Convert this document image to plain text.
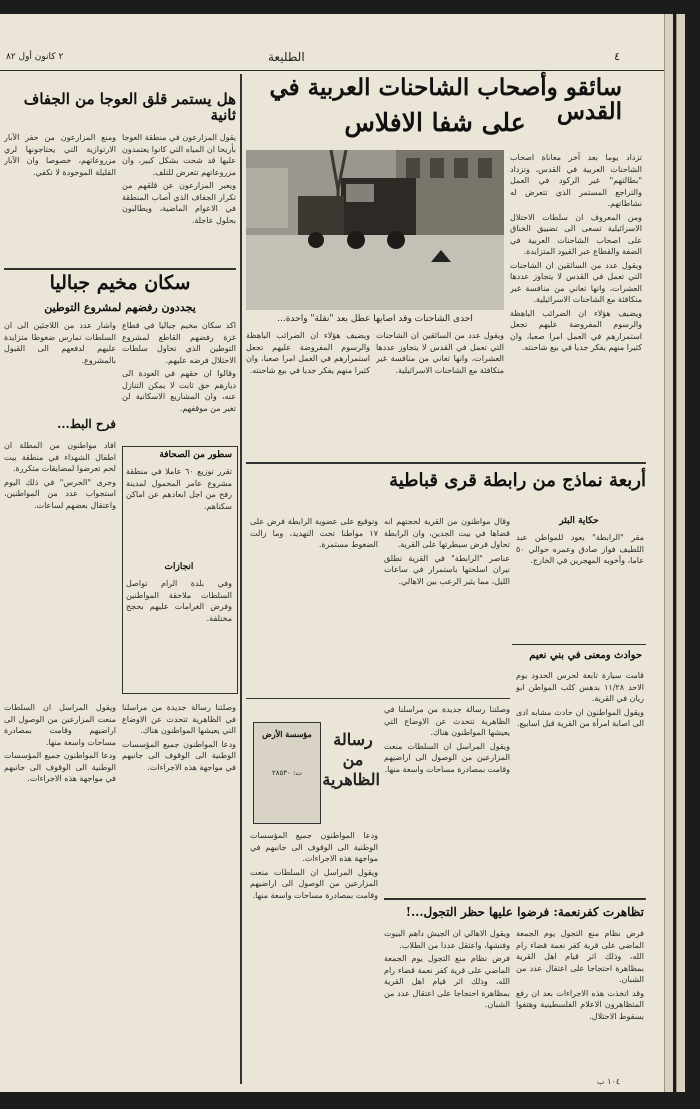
٢ كانون أول ٨٢	الطليعة	٤
سائقو وأصحاب الشاحنات العربية في القدس
على شفا الافلاس
احدى الشاحنات وقد اصابها عطل بعد "نقلة" واحدة...

تزداد يوما بعد آخر معاناة اصحاب الشاحنات العربية في القدس، وتزداد "بطالتهم" غير الركود في العمل والتراجع المستمر الذي تتعرض له نشاطاتهم.

ومن المعروف ان سلطات الاحتلال الاسرائيلية تسعى الى تضييق الخناق على اصحاب الشاحنات العربية في الضفة والقطاع عبر القيود المتزايدة.

ويقول عدد من السائقين ان الشاحنات التي تعمل في القدس لا يتجاوز عددها العشرات، وانها تعاني من منافسة غير متكافئة مع الشاحنات الاسرائيلية.

ويضيف هؤلاء ان الضرائب الباهظة والرسوم المفروضة عليهم تجعل استمرارهم في العمل امرا صعبا، وان كثيرا منهم يفكر جديا في بيع شاحنته.

ويقول عدد من السائقين ان الشاحنات التي تعمل في القدس لا يتجاوز عددها العشرات، وانها تعاني من منافسة غير متكافئة مع الشاحنات الاسرائيلية.

ويضيف هؤلاء ان الضرائب الباهظة والرسوم المفروضة عليهم تجعل استمرارهم في العمل امرا صعبا، وان كثيرا منهم يفكر جديا في بيع شاحنته.

هل يستمر قلق العوجا من الجفاف ثانية

يقول المزارعون في منطقة العوجا بأريحا ان المياه التي كانوا يعتمدون عليها قد شحت بشكل كبير، وان مزروعاتهم تتعرض للتلف.

ويعبر المزارعون عن قلقهم من تكرار الجفاف الذي أصاب المنطقة في الاعوام الماضية، ويطالبون بحلول عاجلة.

ومنع المزارعون من حفر الآبار الارتوازية التي يحتاجونها لري مزروعاتهم، خصوصا وان الآبار القليلة الموجودة لا تكفي.

سكان مخيم جباليا
يجددون رفضهم لمشروع التوطين

اكد سكان مخيم جباليا في قطاع غزة رفضهم القاطع لمشروع التوطين الذي تحاول سلطات الاحتلال فرضه عليهم.

وقالوا ان حقهم في العودة الى ديارهم حق ثابت لا يمكن التنازل عنه، وان المشاريع الاسكانية لن تغير من موقفهم.

واشار عدد من اللاجئين الى ان السلطات تمارس ضغوطا متزايدة عليهم لدفعهم الى القبول بالمشروع.

فرح البط...

افاد مواطنون من المطلة ان اطفال الشهداء في منطقة بيت لحم تعرضوا لمضايقات متكررة.

وجرى "الحرس" في ذلك اليوم استجواب عدد من المواطنين، واعتقال بعضهم لساعات.

سطور من الصحافة

تقرر توزيع ٦٠ عاملا في منطقة مشروع عامر المحمول لمدينة رفح من اجل ابعادهم عن اماكن سكناهم.

انجازات

وفي بلدة الرام تواصل السلطات ملاحقة المواطنين وفرض الغرامات عليهم بحجج مختلفة.

أربعة نماذج من رابطة قرى قباطية
حكاية البئر

مقر "الرابطة" يعود للمواطن عبد اللطيف فواز صادق وعمره حوالي ٥٠ عاما، وأخويه المهجرين في الخارج.

وقال مواطنون من القرية لحجتهم انه قضاها في بيت الجدين، وان الرابطة تحاول فرض سيطرتها على القرية.

عناصر "الرابطة" في القرية تطلق نيران اسلحتها باستمرار في ساعات الليل، مما يثير الرعب بين الاهالي.

وتوقيع على عضوية الرابطة فرض على ١٧ مواطنا تحت التهديد، وما زالت الضغوط مستمرة.

حوادث ومعنى في بني نعيم

قامت سيارة تابعة لحرس الحدود يوم الاحد ١١/٢٨ بدهس كلب المواطن ابو ريان في القرية.

ويقول المواطنون ان حادث مشابه ادى الى اصابة امرأة من القرية قبل اسابيع.

مؤسسة الأرض
ت: ٢٨٥٣٠
رسالة من الظاهرية

وصلتنا رسالة جديدة من مراسلنا في الظاهرية تتحدث عن الاوضاع التي يعيشها المواطنون هناك.

ويقول المراسل ان السلطات منعت المزارعين من الوصول الى اراضيهم وقامت بمصادرة مساحات واسعة منها.

ودعا المواطنون جميع المؤسسات الوطنية الى الوقوف الى جانبهم في مواجهة هذه الاجراءات.

ويقول المراسل ان السلطات منعت المزارعين من الوصول الى اراضيهم وقامت بمصادرة مساحات واسعة منها.

وصلتنا رسالة جديدة من مراسلنا في الظاهرية تتحدث عن الاوضاع التي يعيشها المواطنون هناك.

ودعا المواطنون جميع المؤسسات الوطنية الى الوقوف الى جانبهم في مواجهة هذه الاجراءات.

ويقول المراسل ان السلطات منعت المزارعين من الوصول الى اراضيهم وقامت بمصادرة مساحات واسعة منها.

ودعا المواطنون جميع المؤسسات الوطنية الى الوقوف الى جانبهم في مواجهة هذه الاجراءات.

تظاهرت كفرنعمة: فرضوا عليها حظر التجول...!

فرض نظام منع التجول يوم الجمعة الماضي على قرية كفر نعمة قضاء رام الله، وذلك اثر قيام اهل القرية بمظاهرة احتجاجا على اعتقال عدد من الشبان.

وقد اتخذت هذه الاجراءات بعد ان رفع المتظاهرون الاعلام الفلسطينية وهتفوا بسقوط الاحتلال.

ويقول الاهالي ان الجيش داهم البيوت وفتشها، واعتقل عددا من الطلاب.

فرض نظام منع التجول يوم الجمعة الماضي على قرية كفر نعمة قضاء رام الله، وذلك اثر قيام اهل القرية بمظاهرة احتجاجا على اعتقال عدد من الشبان.

١٠٤ ب
